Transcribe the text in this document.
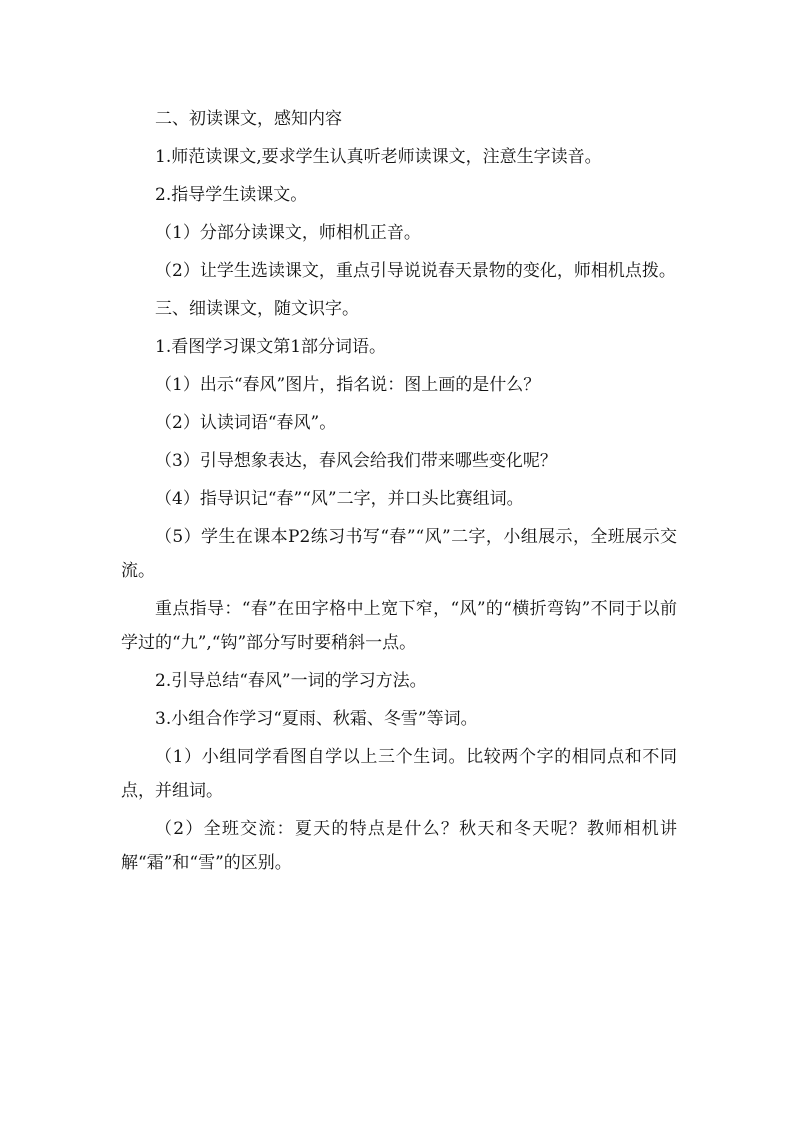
二、初读课文，感知内容

1.师范读课文,要求学生认真听老师读课文，注意生字读音。

2.指导学生读课文。

（1）分部分读课文，师相机正音。

（2）让学生选读课文，重点引导说说春天景物的变化，师相机点拨。

三、细读课文，随文识字。

1.看图学习课文第1部分词语。

（1）出示“春风”图片，指名说：图上画的是什么？

（2）认读词语“春风”。

（3）引导想象表达，春风会给我们带来哪些变化呢？

（4）指导识记“春”“风”二字，并口头比赛组词。

（5）学生在课本P2练习书写“春”“风”二字，小组展示，全班展示交流。

重点指导：“春”在田字格中上宽下窄，“风”的“横折弯钩”不同于以前学过的“九”,“钩”部分写时要稍斜一点。

2.引导总结“春风”一词的学习方法。

3.小组合作学习“夏雨、秋霜、冬雪”等词。

（1）小组同学看图自学以上三个生词。比较两个字的相同点和不同点，并组词。

（2）全班交流：夏天的特点是什么？秋天和冬天呢？教师相机讲解“霜”和“雪”的区别。
